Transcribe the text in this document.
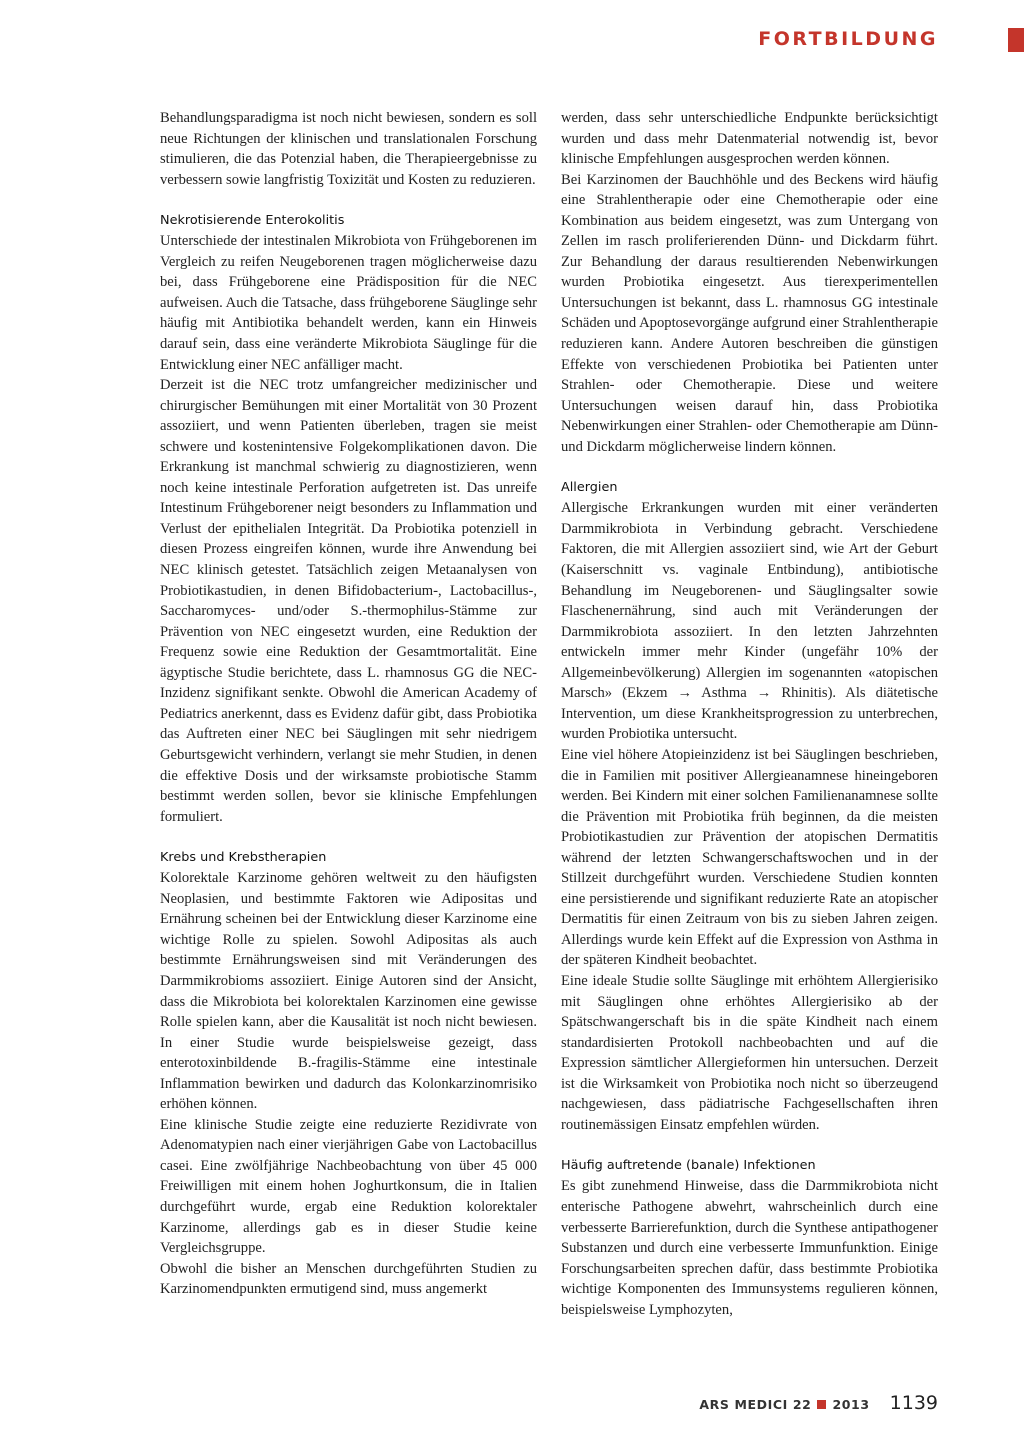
FORTBILDUNG

Behandlungsparadigma ist noch nicht bewiesen, sondern es soll neue Richtungen der klinischen und translationalen Forschung stimulieren, die das Potenzial haben, die Therapieergebnisse zu verbessern sowie langfristig Toxizität und Kosten zu reduzieren.

Nekrotisierende Enterokolitis

Unterschiede der intestinalen Mikrobiota von Frühgeborenen im Vergleich zu reifen Neugeborenen tragen möglicherweise dazu bei, dass Frühgeborene eine Prädisposition für die NEC aufweisen. Auch die Tatsache, dass frühgeborene Säuglinge sehr häufig mit Antibiotika behandelt werden, kann ein Hinweis darauf sein, dass eine veränderte Mikrobiota Säuglinge für die Entwicklung einer NEC anfälliger macht.

Derzeit ist die NEC trotz umfangreicher medizinischer und chirurgischer Bemühungen mit einer Mortalität von 30 Prozent assoziiert, und wenn Patienten überleben, tragen sie meist schwere und kostenintensive Folgekomplikationen davon. Die Erkrankung ist manchmal schwierig zu diagnostizieren, wenn noch keine intestinale Perforation aufgetreten ist. Das unreife Intestinum Frühgeborener neigt besonders zu Inflammation und Verlust der epithelialen Integrität. Da Probiotika potenziell in diesen Prozess eingreifen können, wurde ihre Anwendung bei NEC klinisch getestet. Tatsächlich zeigen Metaanalysen von Probiotikastudien, in denen Bifidobacterium-, Lactobacillus-, Saccharomyces- und/oder S.-thermophilus-Stämme zur Prävention von NEC eingesetzt wurden, eine Reduktion der Frequenz sowie eine Reduktion der Gesamtmortalität. Eine ägyptische Studie berichtete, dass L. rhamnosus GG die NEC-Inzidenz signifikant senkte. Obwohl die American Academy of Pediatrics anerkennt, dass es Evidenz dafür gibt, dass Probiotika das Auftreten einer NEC bei Säuglingen mit sehr niedrigem Geburtsgewicht verhindern, verlangt sie mehr Studien, in denen die effektive Dosis und der wirksamste probiotische Stamm bestimmt werden sollen, bevor sie klinische Empfehlungen formuliert.

Krebs und Krebstherapien

Kolorektale Karzinome gehören weltweit zu den häufigsten Neoplasien, und bestimmte Faktoren wie Adipositas und Ernährung scheinen bei der Entwicklung dieser Karzinome eine wichtige Rolle zu spielen. Sowohl Adipositas als auch bestimmte Ernährungsweisen sind mit Veränderungen des Darmmikrobioms assoziiert. Einige Autoren sind der Ansicht, dass die Mikrobiota bei kolorektalen Karzinomen eine gewisse Rolle spielen kann, aber die Kausalität ist noch nicht bewiesen. In einer Studie wurde beispielsweise gezeigt, dass enterotoxinbildende B.-fragilis-Stämme eine intestinale Inflammation bewirken und dadurch das Kolonkarzinomrisiko erhöhen können.

Eine klinische Studie zeigte eine reduzierte Rezidivrate von Adenomatypien nach einer vierjährigen Gabe von Lactobacillus casei. Eine zwölfjährige Nachbeobachtung von über 45 000 Freiwilligen mit einem hohen Joghurtkonsum, die in Italien durchgeführt wurde, ergab eine Reduktion kolorektaler Karzinome, allerdings gab es in dieser Studie keine Vergleichsgruppe.

Obwohl die bisher an Menschen durchgeführten Studien zu Karzinomendpunkten ermutigend sind, muss angemerkt

werden, dass sehr unterschiedliche Endpunkte berücksichtigt wurden und dass mehr Datenmaterial notwendig ist, bevor klinische Empfehlungen ausgesprochen werden können.

Bei Karzinomen der Bauchhöhle und des Beckens wird häufig eine Strahlentherapie oder eine Chemotherapie oder eine Kombination aus beidem eingesetzt, was zum Untergang von Zellen im rasch proliferierenden Dünn- und Dickdarm führt. Zur Behandlung der daraus resultierenden Nebenwirkungen wurden Probiotika eingesetzt. Aus tierexperimentellen Untersuchungen ist bekannt, dass L. rhamnosus GG intestinale Schäden und Apoptosevorgänge aufgrund einer Strahlentherapie reduzieren kann. Andere Autoren beschreiben die günstigen Effekte von verschiedenen Probiotika bei Patienten unter Strahlen- oder Chemotherapie. Diese und weitere Untersuchungen weisen darauf hin, dass Probiotika Nebenwirkungen einer Strahlen- oder Chemotherapie am Dünn- und Dickdarm möglicherweise lindern können.

Allergien

Allergische Erkrankungen wurden mit einer veränderten Darmmikrobiota in Verbindung gebracht. Verschiedene Faktoren, die mit Allergien assoziiert sind, wie Art der Geburt (Kaiserschnitt vs. vaginale Entbindung), antibiotische Behandlung im Neugeborenen- und Säuglingsalter sowie Flaschenernährung, sind auch mit Veränderungen der Darmmikrobiota assoziiert. In den letzten Jahrzehnten entwickeln immer mehr Kinder (ungefähr 10% der Allgemeinbevölkerung) Allergien im sogenannten «atopischen Marsch» (Ekzem → Asthma → Rhinitis). Als diätetische Intervention, um diese Krankheitsprogression zu unterbrechen, wurden Probiotika untersucht.

Eine viel höhere Atopieinzidenz ist bei Säuglingen beschrieben, die in Familien mit positiver Allergieanamnese hineingeboren werden. Bei Kindern mit einer solchen Familienanamnese sollte die Prävention mit Probiotika früh beginnen, da die meisten Probiotikastudien zur Prävention der atopischen Dermatitis während der letzten Schwangerschaftswochen und in der Stillzeit durchgeführt wurden. Verschiedene Studien konnten eine persistierende und signifikant reduzierte Rate an atopischer Dermatitis für einen Zeitraum von bis zu sieben Jahren zeigen. Allerdings wurde kein Effekt auf die Expression von Asthma in der späteren Kindheit beobachtet.

Eine ideale Studie sollte Säuglinge mit erhöhtem Allergierisiko mit Säuglingen ohne erhöhtes Allergierisiko ab der Spätschwangerschaft bis in die späte Kindheit nach einem standardisierten Protokoll nachbeobachten und auf die Expression sämtlicher Allergieformen hin untersuchen. Derzeit ist die Wirksamkeit von Probiotika noch nicht so überzeugend nachgewiesen, dass pädiatrische Fachgesellschaften ihren routinemässigen Einsatz empfehlen würden.

Häufig auftretende (banale) Infektionen

Es gibt zunehmend Hinweise, dass die Darmmikrobiota nicht enterische Pathogene abwehrt, wahrscheinlich durch eine verbesserte Barrierefunktion, durch die Synthese antipathogener Substanzen und durch eine verbesserte Immunfunktion. Einige Forschungsarbeiten sprechen dafür, dass bestimmte Probiotika wichtige Komponenten des Immunsystems regulieren können, beispielsweise Lymphozyten,

ARS MEDICI 22 2013 1139
